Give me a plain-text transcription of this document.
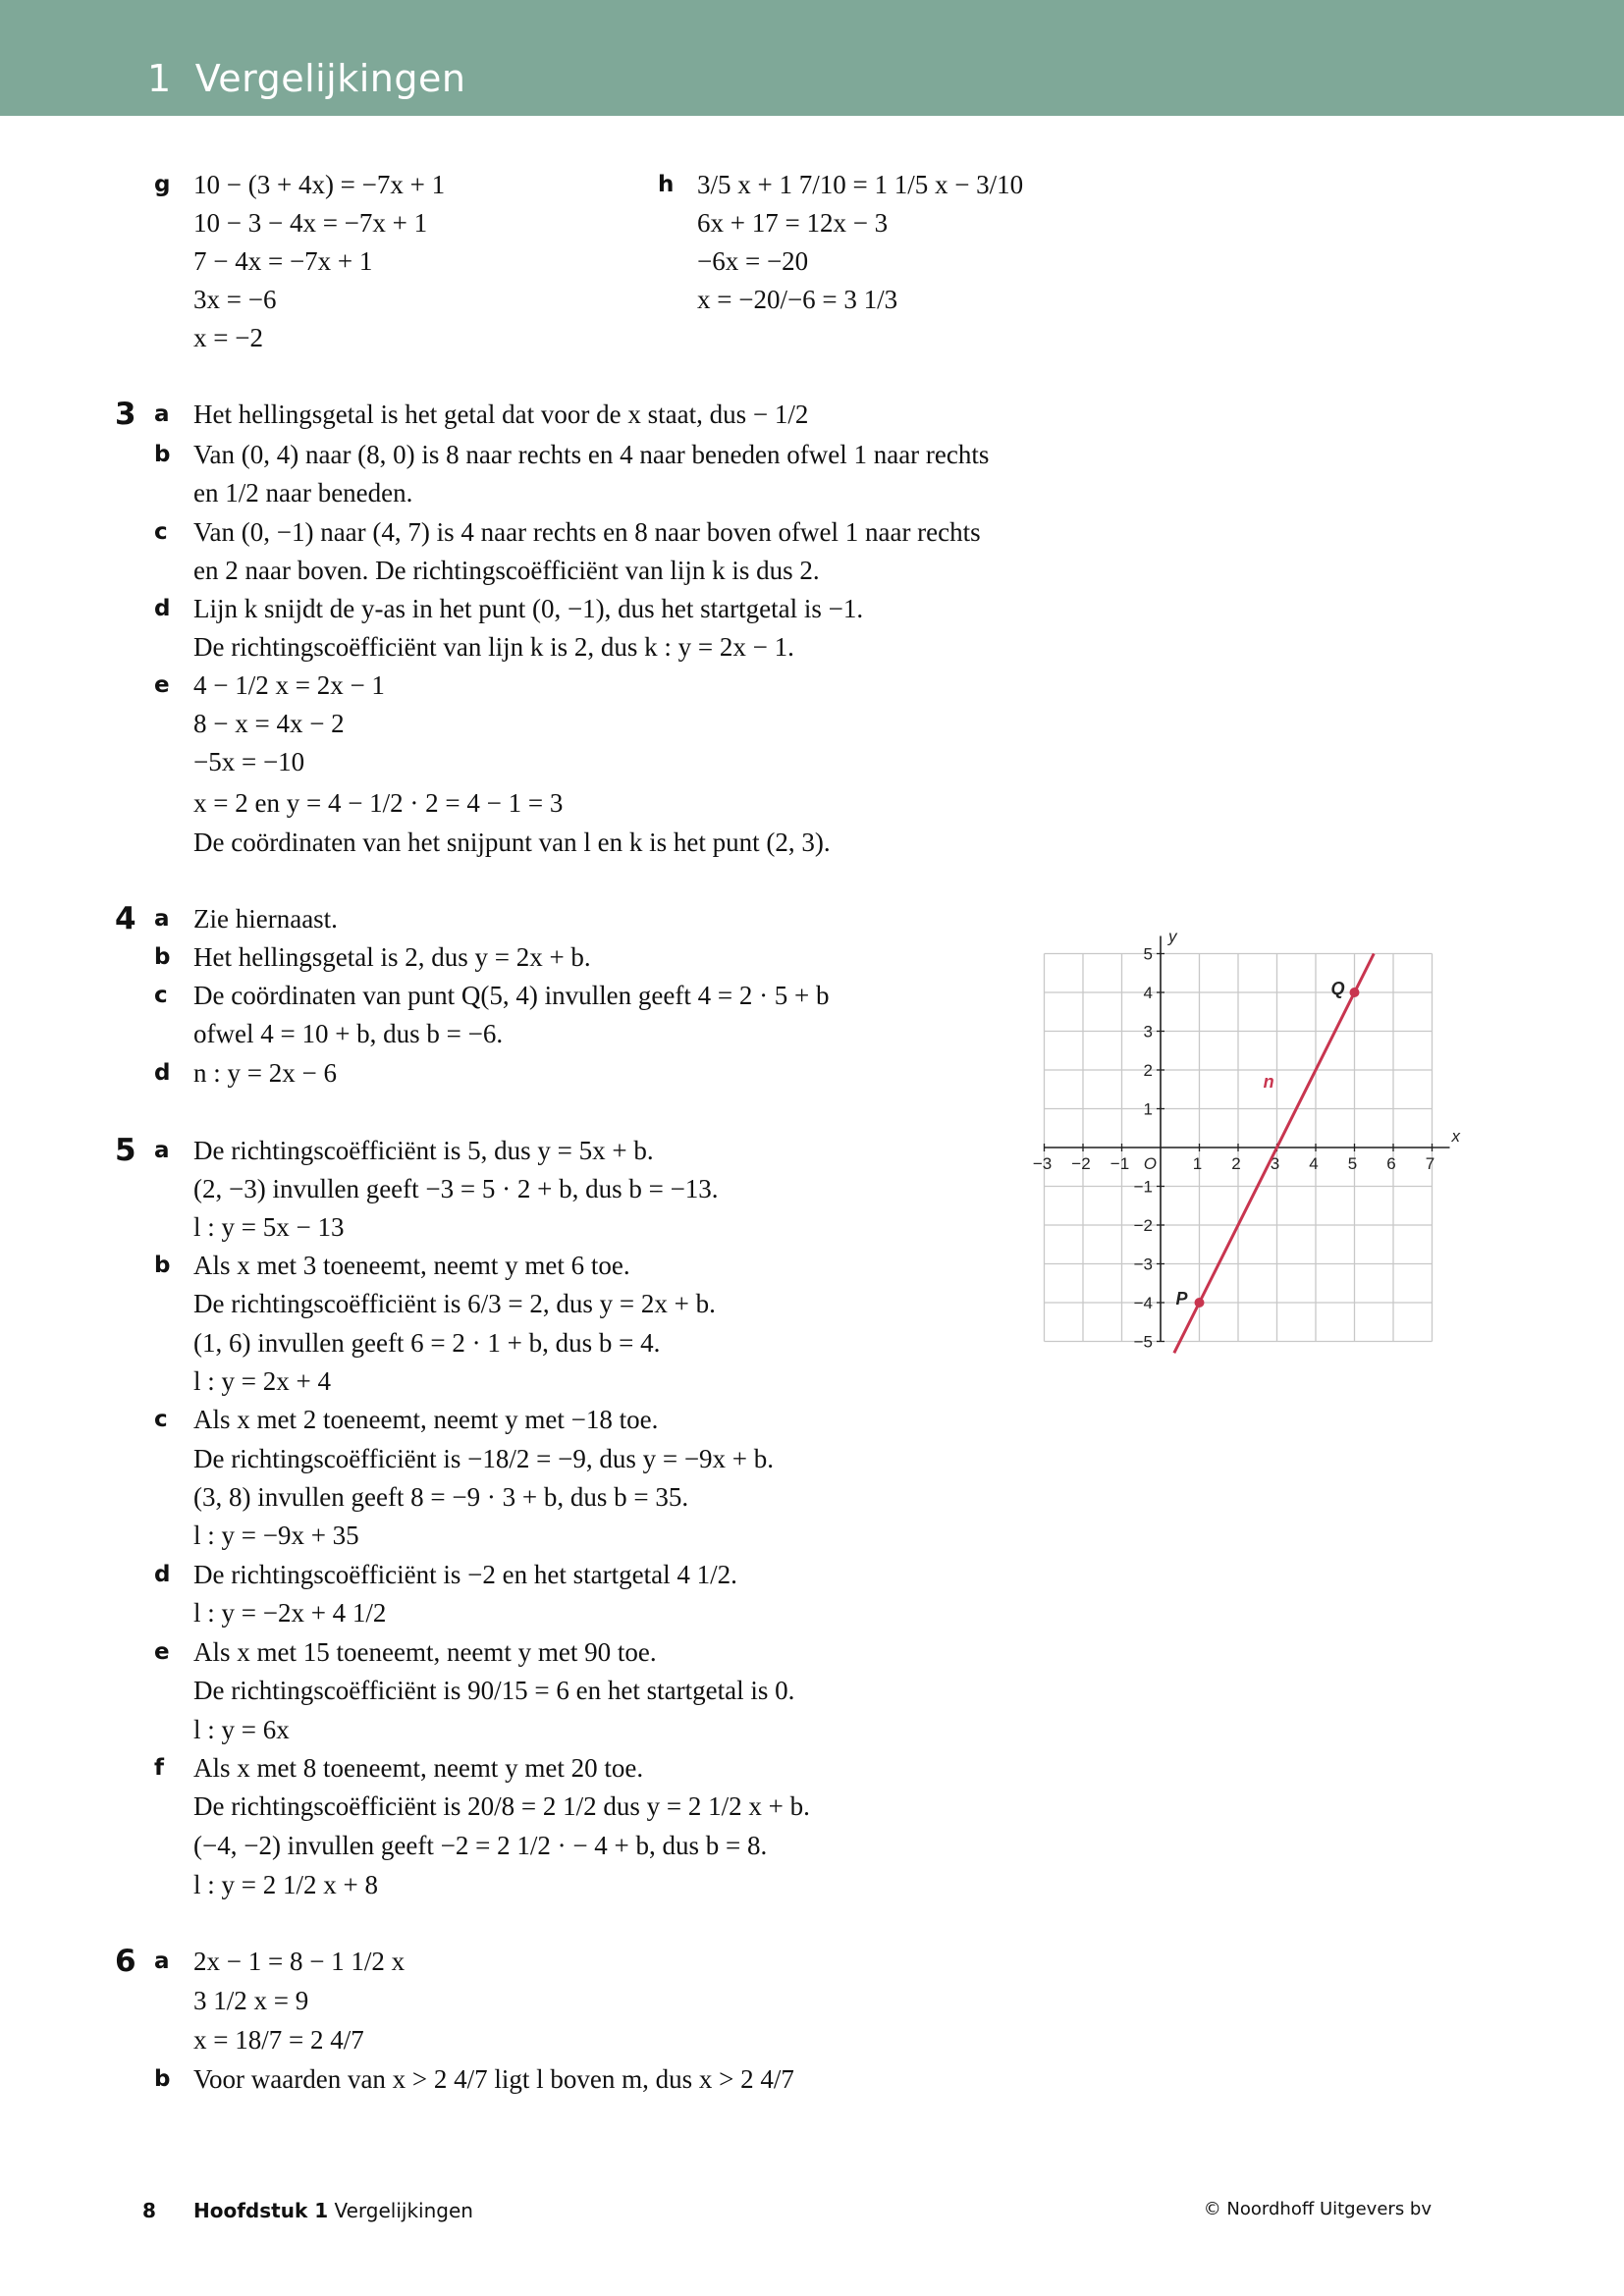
1 Vergelijkingen
g 10 − (3 + 4x) = −7x + 1
10 − 3 − 4x = −7x + 1
7 − 4x = −7x + 1
3x = −6
x = −2
h 3/5 x + 1 7/10 = 1 1/5 x − 3/10
6x + 17 = 12x − 3
−6x = −20
x = −20/−6 = 3 1/3
3 a Het hellingsgetal is het getal dat voor de x staat, dus − 1/2
b Van (0, 4) naar (8, 0) is 8 naar rechts en 4 naar beneden ofwel 1 naar rechts
en 1/2 naar beneden.
c Van (0, −1) naar (4, 7) is 4 naar rechts en 8 naar boven ofwel 1 naar rechts
en 2 naar boven. De richtingscoëfficiënt van lijn k is dus 2.
d Lijn k snijdt de y-as in het punt (0, −1), dus het startgetal is −1.
De richtingscoëfficiënt van lijn k is 2, dus k : y = 2x − 1.
e 4 − 1/2 x = 2x − 1
8 − x = 4x − 2
−5x = −10
x = 2 en y = 4 − 1/2 · 2 = 4 − 1 = 3
De coördinaten van het snijpunt van l en k is het punt (2, 3).
4 a Zie hiernaast.
b Het hellingsgetal is 2, dus y = 2x + b.
c De coördinaten van punt Q(5, 4) invullen geeft 4 = 2 · 5 + b
ofwel 4 = 10 + b, dus b = −6.
d n : y = 2x − 6
5 a De richtingscoëfficiënt is 5, dus y = 5x + b.
(2, −3) invullen geeft −3 = 5 · 2 + b, dus b = −13.
l : y = 5x − 13
b Als x met 3 toeneemt, neemt y met 6 toe.
De richtingscoëfficiënt is 6/3 = 2, dus y = 2x + b.
(1, 6) invullen geeft 6 = 2 · 1 + b, dus b = 4.
l : y = 2x + 4
c Als x met 2 toeneemt, neemt y met −18 toe.
De richtingscoëfficiënt is −18/2 = −9, dus y = −9x + b.
(3, 8) invullen geeft 8 = −9 · 3 + b, dus b = 35.
l : y = −9x + 35
d De richtingscoëfficiënt is −2 en het startgetal 4 1/2.
l : y = −2x + 4 1/2
e Als x met 15 toeneemt, neemt y met 90 toe.
De richtingscoëfficiënt is 90/15 = 6 en het startgetal is 0.
l : y = 6x
f Als x met 8 toeneemt, neemt y met 20 toe.
De richtingscoëfficiënt is 20/8 = 2 1/2 dus y = 2 1/2 x + b.
(−4, −2) invullen geeft −2 = 2 1/2 · − 4 + b, dus b = 8.
l : y = 2 1/2 x + 8
6 a 2x − 1 = 8 − 1 1/2 x
3 1/2 x = 9
x = 18/7 = 2 4/7
b Voor waarden van x > 2 4/7 ligt l boven m, dus x > 2 4/7
−3 −2 −1	1 2 3 4 5 6 7
−5
−4
−3
−2
−1
1
2
3
4
5
O
x
y
n
P
Q
8 Hoofdstuk 1 Vergelijkingen	© Noordhoff Uitgevers bv
